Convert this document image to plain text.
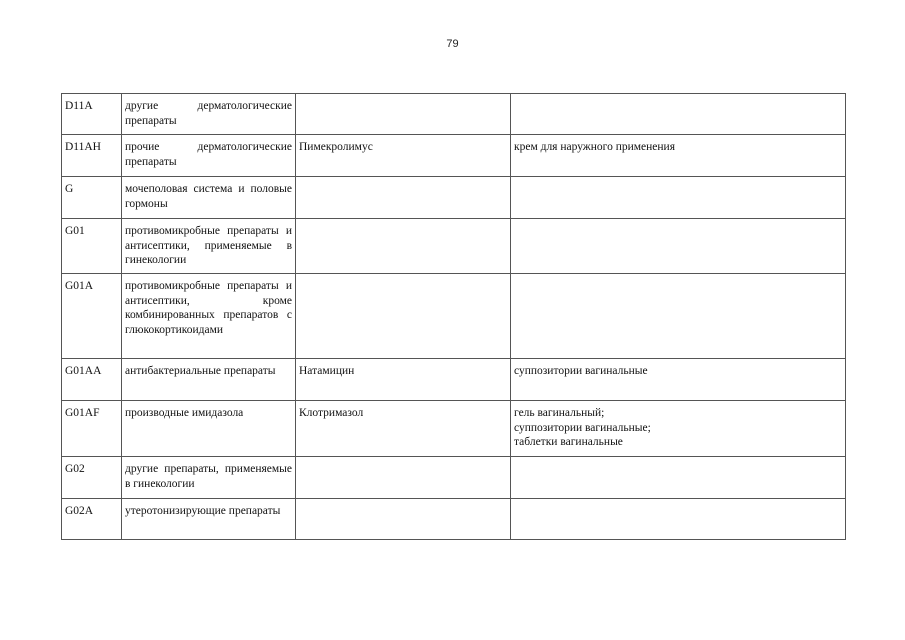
79
D11A	другие дерматологические препараты		
D11AH	прочие дерматологические препараты	Пимекролимус	крем для наружного применения

G	мочеполовая система и половые гормоны		
G01	противомикробные препараты и антисептики, применяемые в гинекологии		
G01A	противомикробные препараты и антисептики, кроме комбинированных препаратов с глюкокортикоидами		
G01AA	антибактериальные препараты	Натамицин	суппозитории вагинальные

G01AF	производные имидазола	Клотримазол	гель вагинальный;
суппозитории вагинальные;
таблетки вагинальные

G02	другие препараты, применяемые в гинекологии		
G02A	утеротонизирующие препараты		
